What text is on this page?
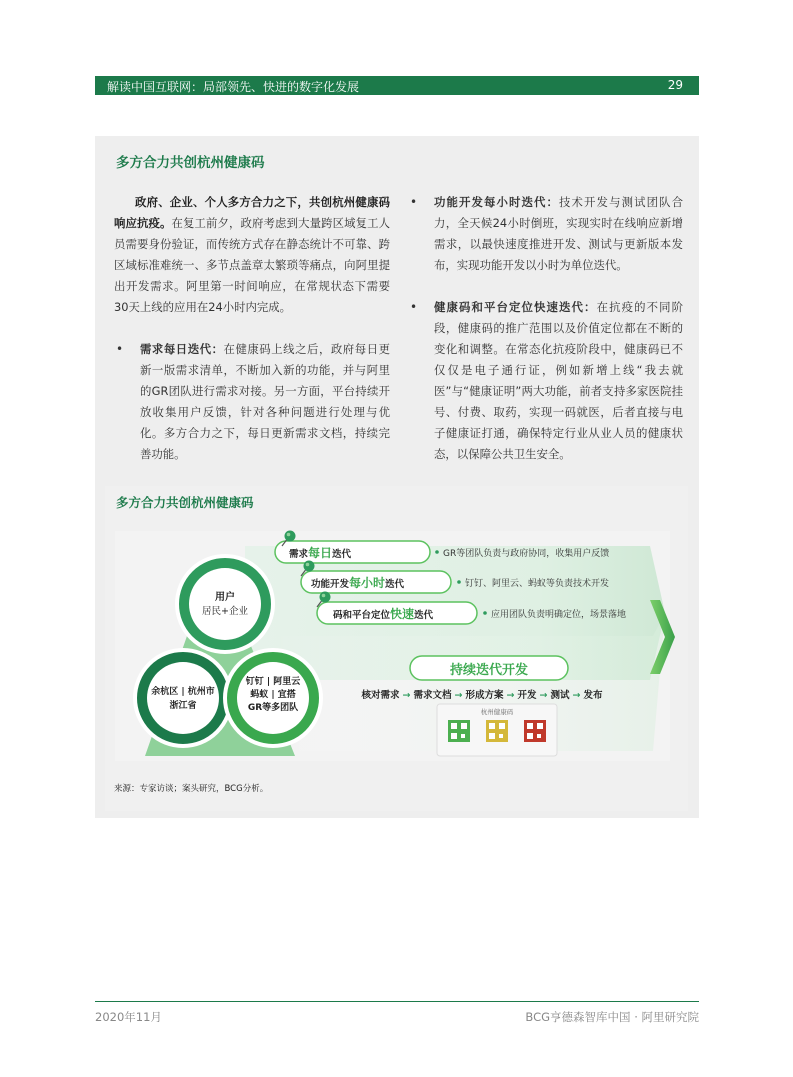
解读中国互联网：局部领先、快进的数字化发展	29
多方合力共创杭州健康码
政府、企业、个人多方合力之下，共创杭州健康码响应抗疫。在复工前夕，政府考虑到大量跨区域复工人员需要身份验证，而传统方式存在静态统计不可靠、跨区域标准难统一、多节点盖章太繁琐等痛点，向阿里提出开发需求。阿里第一时间响应，在常规状态下需要30天上线的应用在24小时内完成。
• 需求每日迭代：在健康码上线之后，政府每日更新一版需求清单，不断加入新的功能，并与阿里的GR团队进行需求对接。另一方面，平台持续开放收集用户反馈，针对各种问题进行处理与优化。多方合力之下，每日更新需求文档，持续完善功能。
• 功能开发每小时迭代：技术开发与测试团队合力，全天候24小时倒班，实现实时在线响应新增需求，以最快速度推进开发、测试与更新版本发布，实现功能开发以小时为单位迭代。
• 健康码和平台定位快速迭代：在抗疫的不同阶段，健康码的推广范围以及价值定位都在不断的变化和调整。在常态化抗疫阶段中，健康码已不仅仅是电子通行证，例如新增上线“我去就医”与“健康证明”两大功能，前者支持多家医院挂号、付费、取药，实现一码就医，后者直接与电子健康证打通，确保特定行业从业人员的健康状态，以保障公共卫生安全。
多方合力共创杭州健康码
用户
居民+企业
余杭区 | 杭州市
浙江省
钉钉 | 阿里云
蚂蚁 | 宜搭
GR等多团队
需求每日迭代	GR等团队负责与政府协同，收集用户反馈
功能开发每小时迭代	钉钉、阿里云、蚂蚁等负责技术开发
码和平台定位快速迭代	应用团队负责明确定位，场景落地
持续迭代开发
核对需求 → 需求文档 → 形成方案 → 开发 → 测试 → 发布
杭州健康码
来源：专家访谈；案头研究，BCG分析。
2020年11月	BCG亨德森智库中国 · 阿里研究院
